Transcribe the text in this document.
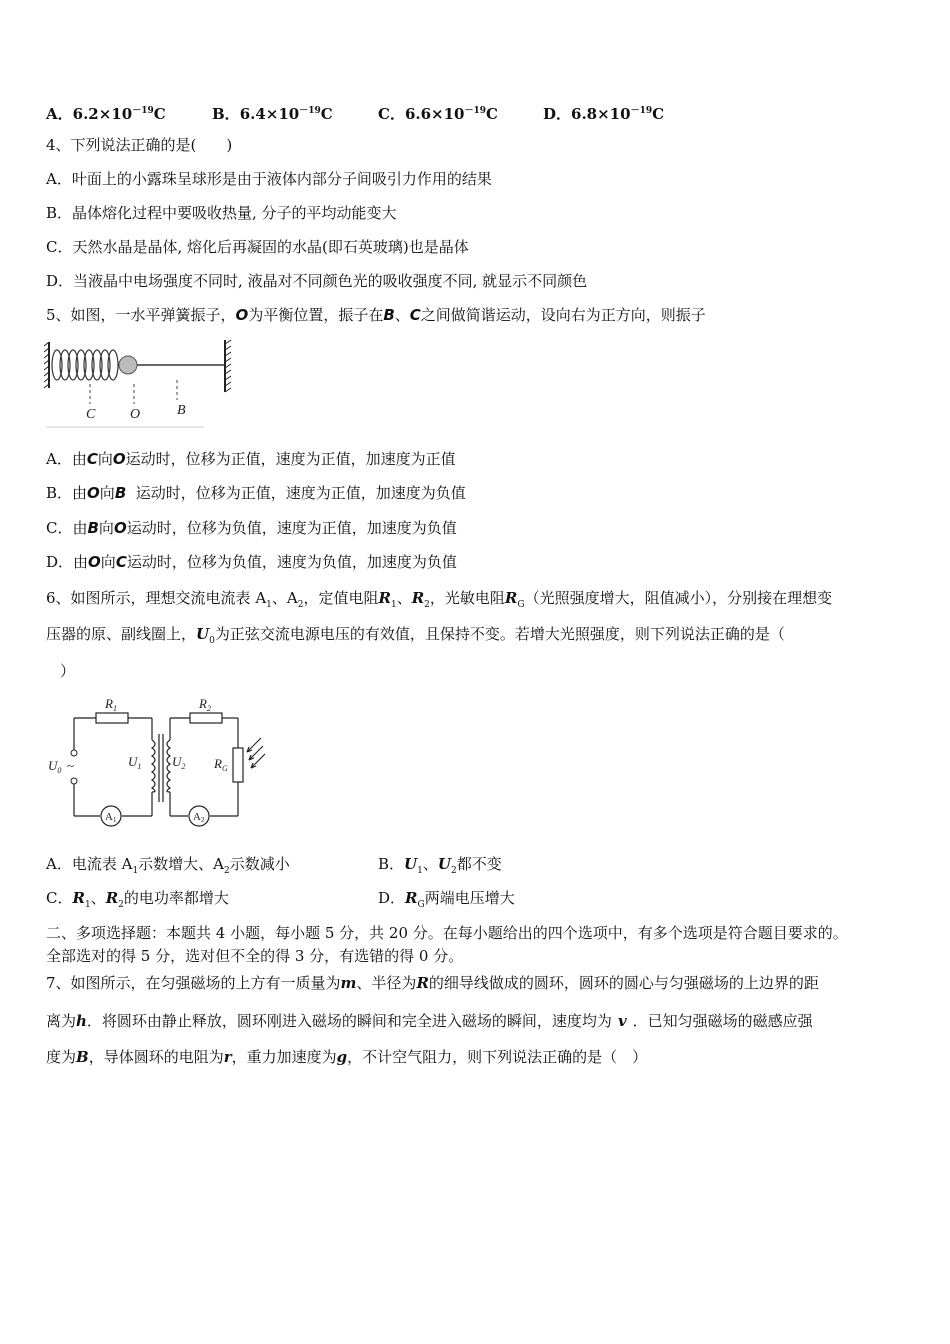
A．$6.2\times 10^{-19}C$	B．$6.4\times 10^{-19}C$	C．$6.6\times 10^{-19}C$	D．$6.8\times 10^{-19}C$
4、下列说法正确的是(　　)
A．叶面上的小露珠呈球形是由于液体内部分子间吸引力作用的结果
B．晶体熔化过程中要吸收热量, 分子的平均动能变大
C．天然水晶是晶体, 熔化后再凝固的水晶(即石英玻璃)也是晶体
D．当液晶中电场强度不同时, 液晶对不同颜色光的吸收强度不同, 就显示不同颜色
5、如图，一水平弹簧振子，O为平衡位置，振子在B、C之间做简谐运动，设向右为正方向，则振子
C O	B
A．由C向O运动时，位移为正值，速度为正值，加速度为正值
B．由O向B  运动时，位移为正值，速度为正值，加速度为负值
C．由B向O运动时，位移为负值，速度为正值，加速度为负值
D．由O向C运动时，位移为负值，速度为负值，加速度为负值
6、如图所示，理想交流电流表 $A_1$、$A_2$，定值电阻$R_1$、$R_2$，光敏电阻$R_G$（光照强度增大，阻值减小），分别接在理想变
压器的原、副线圈上，$U_0$为正弦交流电源电压的有效值，且保持不变。若增大光照强度，则下列说法正确的是（
）
$R_1$	$R_2$
$U_0$ ~	$U_1$ $U_2$ $R_G$
A1	A2
A．电流表 $A_1$示数增大、$A_2$示数减小	B．$U_1$、$U_2$都不变
C．$R_1$、$R_2$的电功率都增大	D．$R_G$两端电压增大
二、多项选择题：本题共 4 小题，每小题 5 分，共 20 分。在每小题给出的四个选项中，有多个选项是符合题目要求的。
全部选对的得 5 分，选对但不全的得 3 分，有选错的得 0 分。
7、如图所示，在匀强磁场的上方有一质量为m、半径为R的细导线做成的圆环，圆环的圆心与匀强磁场的上边界的距
离为h．将圆环由静止释放，圆环刚进入磁场的瞬间和完全进入磁场的瞬间，速度均为 v ．已知匀强磁场的磁感应强
度为B，导体圆环的电阻为r，重力加速度为g，不计空气阻力，则下列说法正确的是（　）
